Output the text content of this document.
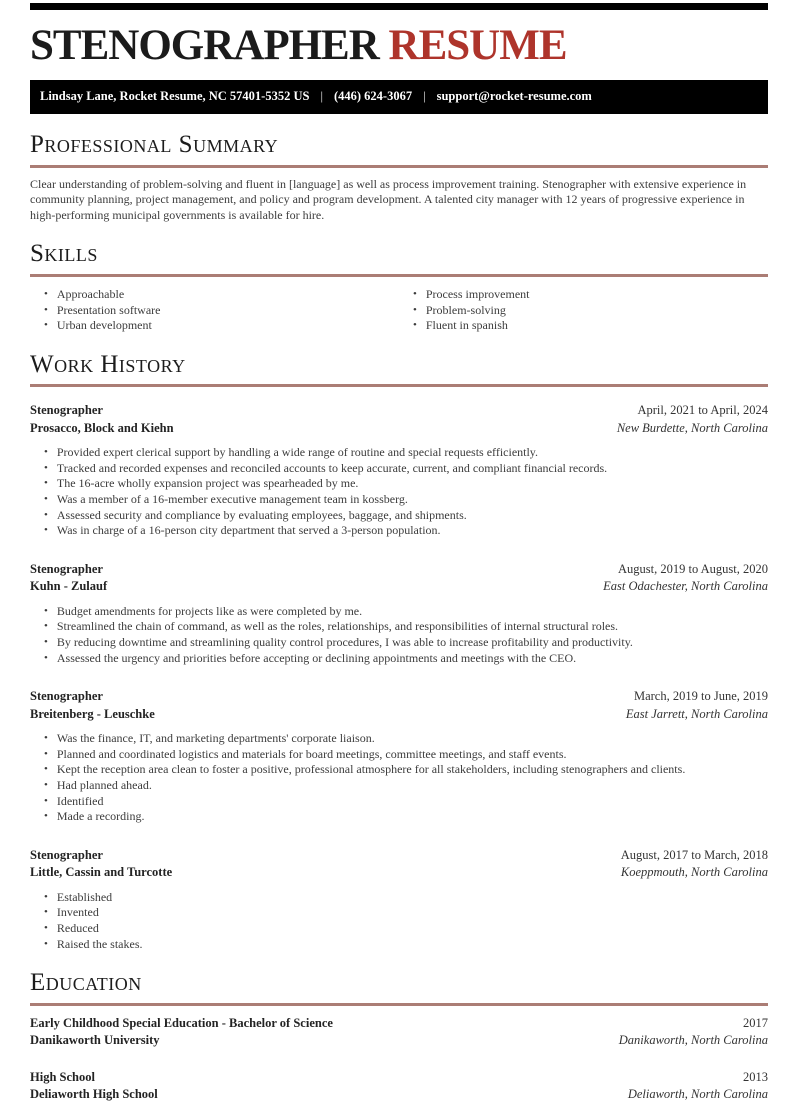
STENOGRAPHER RESUME
Lindsay Lane, Rocket Resume, NC 57401-5352 US | (446) 624-3067 | support@rocket-resume.com
Professional Summary

Clear understanding of problem-solving and fluent in [language] as well as process improvement training. Stenographer with extensive experience in community planning, project management, and policy and program development. A talented city manager with 12 years of progressive experience in high-performing municipal governments is available for hire.

Skills
• Approachable
• Presentation software
• Urban development
• Process improvement
• Problem-solving
• Fluent in spanish
Work History
Stenographer	April, 2021 to April, 2024
Prosacco, Block and Kiehn	New Burdette, North Carolina
• Provided expert clerical support by handling a wide range of routine and special requests efficiently.
• Tracked and recorded expenses and reconciled accounts to keep accurate, current, and compliant financial records.
• The 16-acre wholly expansion project was spearheaded by me.
• Was a member of a 16-member executive management team in kossberg.
• Assessed security and compliance by evaluating employees, baggage, and shipments.
• Was in charge of a 16-person city department that served a 3-person population.
Stenographer	August, 2019 to August, 2020
Kuhn - Zulauf	East Odachester, North Carolina
• Budget amendments for projects like as were completed by me.
• Streamlined the chain of command, as well as the roles, relationships, and responsibilities of internal structural roles.
• By reducing downtime and streamlining quality control procedures, I was able to increase profitability and productivity.
• Assessed the urgency and priorities before accepting or declining appointments and meetings with the CEO.
Stenographer	March, 2019 to June, 2019
Breitenberg - Leuschke	East Jarrett, North Carolina
• Was the finance, IT, and marketing departments' corporate liaison.
• Planned and coordinated logistics and materials for board meetings, committee meetings, and staff events.
• Kept the reception area clean to foster a positive, professional atmosphere for all stakeholders, including stenographers and clients.
• Had planned ahead.
• Identified
• Made a recording.
Stenographer	August, 2017 to March, 2018
Little, Cassin and Turcotte	Koeppmouth, North Carolina
• Established
• Invented
• Reduced
• Raised the stakes.
Education
Early Childhood Special Education - Bachelor of Science	2017
Danikaworth University	Danikaworth, North Carolina
High School	2013
Deliaworth High School	Deliaworth, North Carolina
